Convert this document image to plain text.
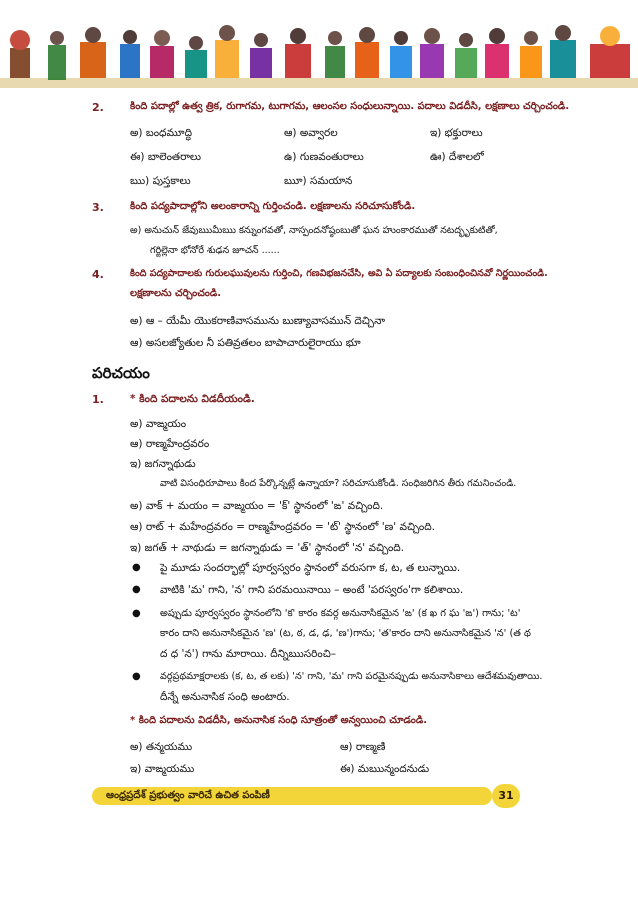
2.	కింది పదాల్లో ఉత్వ త్రిక, రుగాగమ, టుగాగమ, ఆలంసల సంధులున్నాయి. పదాలు విడదీసి, లక్షణాలు చర్చించండి.
అ) బంధమూద్ధి	ఆ) అవ్వారల	ఇ) భక్తురాలు
ఈ) బాలెంతరాలు	ఉ) గుణవంతురాలు	ఊ) దేశాలలో
ఋ) పుస్తకాలు	ౠ) సమయాన
3.	కింది పద్యపాదాల్లోని అలంకారాన్ని గుర్తించండి. లక్షణాలను సరిచూసుకోండి.
అ) అనుచున్ జేవుఋమీఋ కన్నుంగవతో, నాస్పందనోష్ఠంబుతో ఘన హుంకారముతో నటద్భృకుటితో,
గర్జిల్లెనా భోనోరే శుఢన జూచన్ ......
4.	కింది పద్యపాదాలకు గురులఘువులను గుర్తించి, గణవిభజనచేసి, అవి ఏ పద్యాలకు సంబంధించినవో నిర్ణయించండి.
లక్షణాలను చర్చించండి.
అ) ఆ – యేమీ యొకరాణివాసమును బుణ్యావాసమున్ దెచ్చినా
ఆ) అసలజ్యోతుల నీ పతివ్రతలం బాపాచారులైరాయు భూ
పరిచయం
1. * కింది పదాలను విడదీయండి.
అ) వాఙ్మయం
ఆ) రాణ్మహేంద్రవరం
ఇ) జగన్నాథుడు
వాటి విసంధిరూపాలు కింద పేర్కొన్నట్లే ఉన్నాయా? సరిచూసుకోండి. సంధిజరిగిన తీరు గమనించండి.
అ) వాక్ + మయం = వాఙ్మయం = 'క్' స్థానంలో 'ఙ' వచ్చింది.
ఆ) రాట్ + మహేంద్రవరం = రాణ్మహేంద్రవరం = 'ట్' స్థానంలో 'ణ' వచ్చింది.
ఇ) జగత్ + నాథుడు = జగన్నాథుడు = 'త్' స్థానంలో 'న' వచ్చింది.
● పై మూడు సందర్భాల్లో పూర్వస్వరం స్థానంలో వరుసగా క, ట, త లున్నాయి.
● వాటికి 'మ' గాని, 'న' గాని పరమయినాయి – అంటే 'పరస్వరం'గా కలిశాయి.
● అప్పుడు పూర్వస్వరం స్థానంలోని 'క' కారం కవర్గ అనునాసికమైన 'ఙ' (క ఖ గ ఘ 'ఙ') గాను; 'ట'
కారం దాని అనునాసికమైన 'ణ' (ట, ఠ, డ, ఢ, 'ణ')గాను; 'త'కారం దాని అనునాసికమైన 'న' (త థ
ద ధ 'న') గాను మారాయి. దీన్నిఋసరించి–
● వర్గప్రథమాక్షరాలకు (క, ట, త లకు) 'న' గాని, 'మ' గాని పరమైనప్పుడు అనునాసికాలు ఆదేశమవుతాయి.
దీన్నే అనునాసిక సంధి అంటారు.
* కింది పదాలను విడదీసి, అనునాసిక సంధి సూత్రంతో అన్వయించి చూడండి.
అ) తన్మయము	ఆ) రాణ్మణి
ఇ) వాఙ్మయము	ఈ) మఋన్మందనుడు
ఆంధ్రప్రదేశ్ ప్రభుత్వం వారిచే ఉచిత పంపిణీ	31
